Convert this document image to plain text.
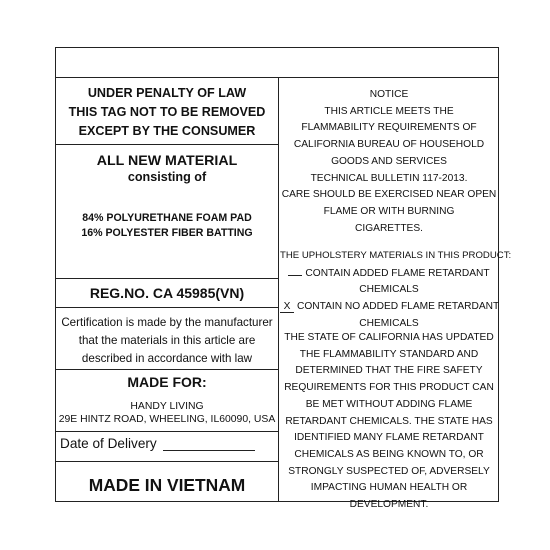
UNDER PENALTY OF LAW
THIS TAG NOT TO BE REMOVED
EXCEPT BY THE CONSUMER
ALL NEW MATERIAL
consisting of
84% POLYURETHANE FOAM PAD
16% POLYESTER FIBER BATTING
REG.NO. CA 45985(VN)
Certification is made by the manufacturer
that the materials in this article are
described in accordance with law
MADE FOR:
HANDY LIVING
29E HINTZ ROAD, WHEELING, IL60090, USA
Date of Delivery
MADE IN VIETNAM
NOTICE
THIS ARTICLE MEETS THE
FLAMMABILITY REQUIREMENTS OF
CALIFORNIA BUREAU OF HOUSEHOLD
GOODS AND SERVICES
TECHNICAL BULLETIN 117-2013.
CARE SHOULD BE EXERCISED NEAR OPEN
FLAME OR WITH BURNING
CIGARETTES.
THE UPHOLSTERY MATERIALS IN THIS PRODUCT:
CONTAIN ADDED FLAME RETARDANT
CHEMICALS
X CONTAIN NO ADDED FLAME RETARDANT
CHEMICALS
THE STATE OF CALIFORNIA HAS UPDATED
THE FLAMMABILITY STANDARD AND
DETERMINED THAT THE FIRE SAFETY
REQUIREMENTS FOR THIS PRODUCT CAN
BE MET WITHOUT ADDING FLAME
RETARDANT CHEMICALS. THE STATE HAS
IDENTIFIED MANY FLAME RETARDANT
CHEMICALS AS BEING KNOWN TO, OR
STRONGLY SUSPECTED OF, ADVERSELY
IMPACTING HUMAN HEALTH OR
DEVELOPMENT.
